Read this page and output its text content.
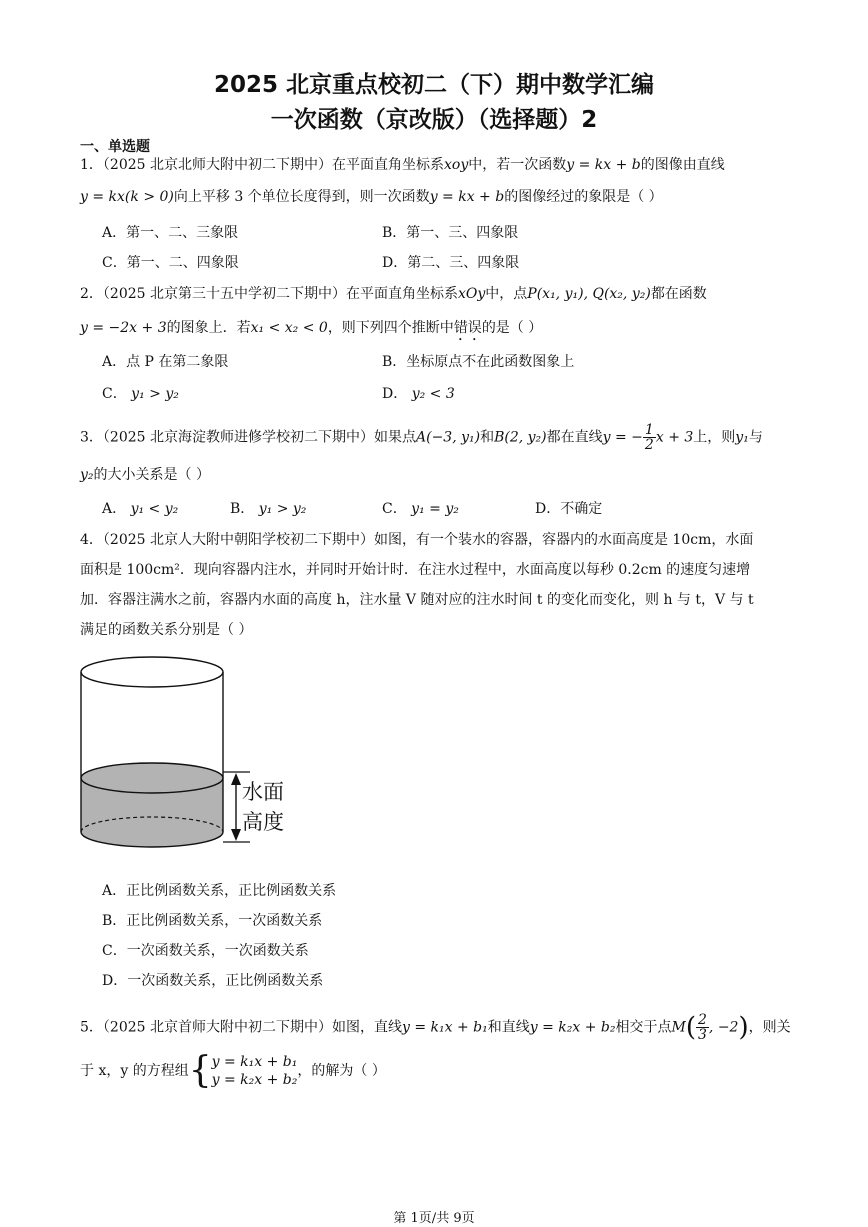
2025 北京重点校初二（下）期中数学汇编
一次函数（京改版）（选择题）2
一、单选题
1．（2025 北京北师大附中初二下期中）在平面直角坐标系xoy中，若一次函数y = kx + b的图像由直线
y = kx(k > 0)向上平移 3 个单位长度得到，则一次函数y = kx + b的图像经过的象限是（ ）
A．第一、二、三象限	B．第一、三、四象限
C．第一、二、四象限	D．第二、三、四象限
2．（2025 北京第三十五中学初二下期中）在平面直角坐标系xOy中，点P(x₁, y₁), Q(x₂, y₂)都在函数
y = −2x + 3的图象上．若x₁ < x₂ < 0，则下列四个推断中错误的是（ ）
A．点 P 在第二象限	B．坐标原点不在此函数图象上
C． y₁ > y₂	D． y₂ < 3
3．（2025 北京海淀教师进修学校初二下期中）如果点A(−3, y₁)和B(2, y₂)都在直线y = − $\frac{1}{2}$ x + 3上，则y₁与
y₂的大小关系是（ ）
A． y₁ < y₂	B． y₁ > y₂	C． y₁ = y₂	D．不确定
4．（2025 北京人大附中朝阳学校初二下期中）如图，有一个装水的容器，容器内的水面高度是 10cm，水面
面积是 100cm²．现向容器内注水，并同时开始计时．在注水过程中，水面高度以每秒 0.2cm 的速度匀速增
加．容器注满水之前，容器内水面的高度 h，注水量 V 随对应的注水时间 t 的变化而变化，则 h 与 t，V 与 t
满足的函数关系分别是（ ）
水面
高度
A．正比例函数关系，正比例函数关系
B．正比例函数关系，一次函数关系
C．一次函数关系，一次函数关系
D．一次函数关系，正比例函数关系
5．（2025 北京首师大附中初二下期中）如图，直线y = k₁x + b₁和直线y = k₂x + b₂相交于点$M( \frac{2}{3}$ , −2)，则关
于 x，y 的方程组{ y = k₁x + b₁
y = k₂x + b₂
，的解为（ ）
第 1页/共 9页
